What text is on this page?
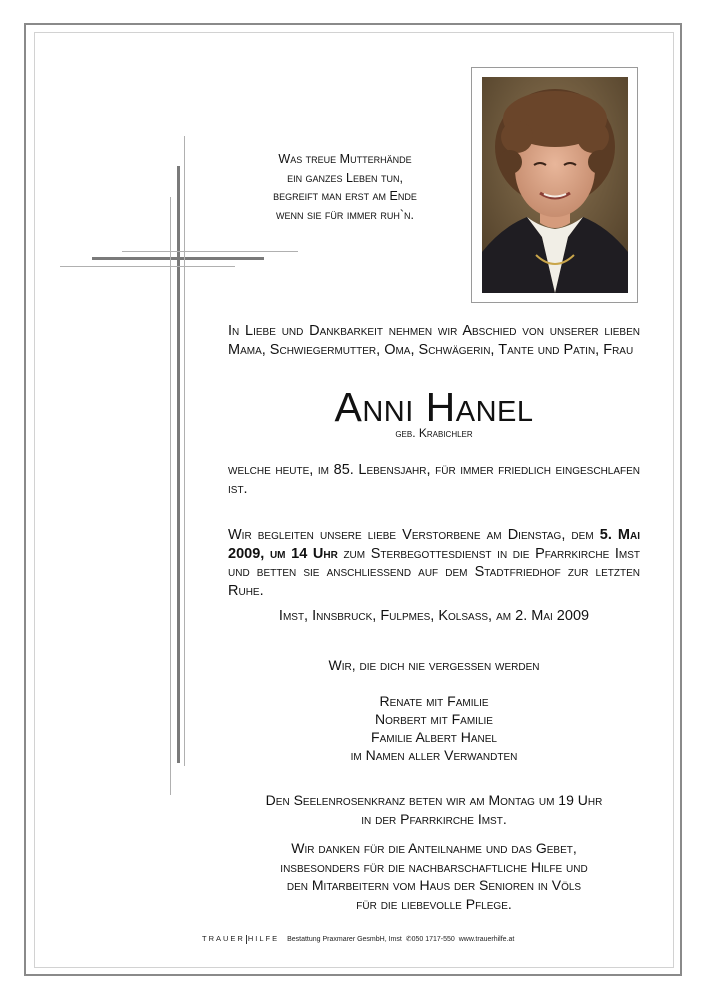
Was treue Mutterhände
ein ganzes Leben tun,
begreift man erst am Ende
wenn sie für immer ruh`n.
In Liebe und Dankbarkeit nehmen wir Abschied von unserer lieben Mama, Schwiegermutter, Oma, Schwägerin, Tante und Patin, Frau
Anni Hanel
geb. Krabichler
welche heute, im 85. Lebensjahr, für immer friedlich eingeschlafen ist.
Wir begleiten unsere liebe Verstorbene am Dienstag, dem 5. Mai 2009, um 14 Uhr zum Sterbegottesdienst in die Pfarrkirche Imst und betten sie anschliessend auf dem Stadtfriedhof zur letzten Ruhe.
Imst, Innsbruck, Fulpmes, Kolsass, am 2. Mai 2009
Wir, die dich nie vergessen werden
Renate mit Familie
Norbert mit Familie
Familie Albert Hanel
im Namen aller Verwandten
Den Seelenrosenkranz beten wir am Montag um 19 Uhr
in der Pfarrkirche Imst.
Wir danken für die Anteilnahme und das Gebet,
insbesonders für die nachbarschaftliche Hilfe und
den Mitarbeitern vom Haus der Senioren in Völs
für die liebevolle Pflege.
TRAUER HILFE Bestattung Praxmarer GesmbH, Imst ✆050 1717-550 www.trauerhilfe.at
